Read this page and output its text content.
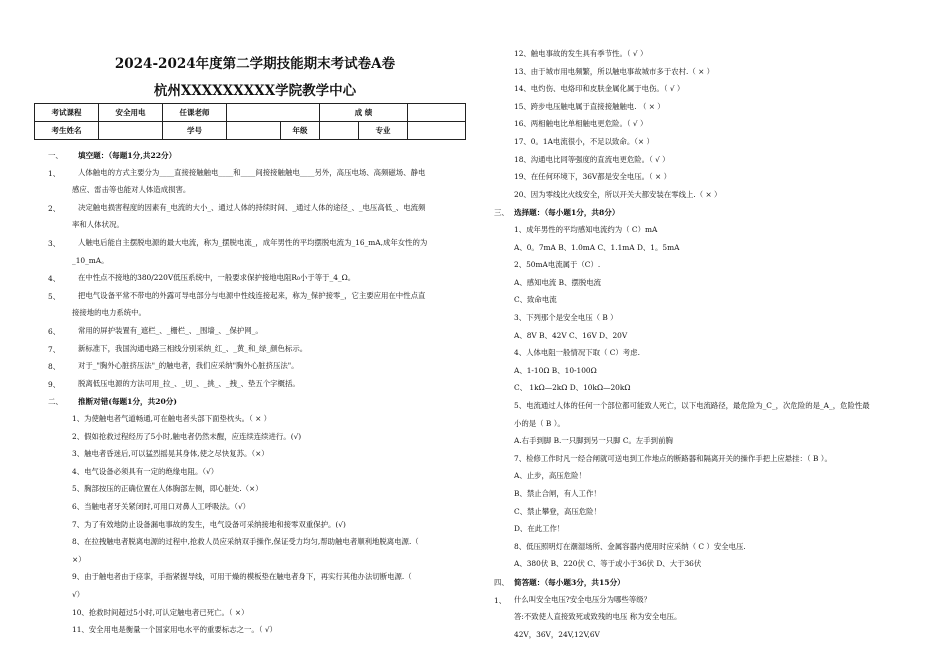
2024-2024年度第二学期技能期末考试卷A卷
杭州XXXXXXXXX学院教学中心
考试课程	安全用电	任课老师			成 绩		
考生姓名		学号		年级		专业	
一、 填空题：（每题1分,共22分）
1、 人体触电的方式主要分为____直接接触触电____和____间接接触触电____另外，高压电场、高频磁场、静电
感应、雷击等也能对人体造成损害。
2、 决定触电损害程度的因素有_电流的大小_、通过人体的持续时间、_通过人体的途径_、_电压高低_、电流频
率和人体状况。
3、 人触电后能自主摆脱电源的最大电流，称为_摆脱电流_，成年男性的平均摆脱电流为_16_mA,成年女性的为
_10_mA。
4、 在中性点不接地的380/220V低压系统中，一般要求保护接地电阻R₀小于等于_4_Ω。
5、 把电气设备平常不带电的外露可导电部分与电源中性线连接起来，称为_保护接零_，它主要应用在中性点直
接接地的电力系统中。
6、 常用的屏护装置有_遮栏_、_栅栏_、_围墙_、_保护网_。
7、 新标准下，我国沟通电路三相线分别采纳_红_、_黄_和_绿_颜色标示。
8、 对于_"胸外心脏挤压法"_的触电者，我们应采纳"胸外心脏挤压法"。
9、 脱离低压电源的方法可用_拉_、_切_、_挑_、_拽_、垫五个字概括。
二、 推断对错(每题1分，共20分)
1、为使触电者气道畅通,可在触电者头部下面垫枕头。（ × ）
2、假如抢救过程经历了5小时,触电者仍然未醒，应连续连续进行。(√)
3、触电者昏迷后,可以猛烈摇晃其身体,使之尽快复苏。（×）
4、电气设备必须具有一定的绝缘电阻。（√）
5、胸部按压的正确位置在人体胸部左侧，即心脏处.（×）
6、当触电者牙关紧闭时,可用口对鼻人工呼吸法。（√）
7、为了有效地防止设备漏电事故的发生，电气设备可采纳接地和接零双重保护。(√)
8、在拉拽触电者脱离电源的过程中,抢救人员应采纳双手操作,保证受力均匀,帮助触电者顺利地脱离电源.（
×）
9、由于触电者由于痉挛，手指紧握导线，可用干燥的模板垫在触电者身下，再实行其他办法切断电源.（
√）
10、抢救时间超过5小时,可认定触电者已死亡。（ ×）
11、安全用电是衡量一个国家用电水平的重要标志之一。（ √）
12、触电事故的发生具有季节性。（ √ ）
13、由于城市用电频繁，所以触电事故城市多于农村.（ × ）
14、电灼伤、电烙印和皮肤金属化属于电伤。（ √ ）
15、跨步电压触电属于直接接触触电. （ × ）
16、两相触电比单相触电更危险。（ √ ）
17、0。1A电流很小，不足以致命。（× ）
18、沟通电比同等强度的直流电更危险。（ √ ）
19、在任何环境下，36V都是安全电压。（ × ）
20、因为零线比火线安全，所以开关大都安装在零线上.（ × ）
三、 选择题：（每小题1分，共8分）
1、成年男性的平均感知电流约为（ C）mA
A、0。7mA B、1.0mA C、1.1mA D、1。5mA
2、50mA电流属于（C）.
A、感知电流 B、摆脱电流
C、致命电流
3、下列那个是安全电压（ B ）
A、8V B、42V C、16V D、20V
4、人体电阻一般情况下取（ C）考虑.
A、1-10Ω B、10-100Ω
C、 1kΩ—2kΩ D、10kΩ—20kΩ
5、电流通过人体的任何一个部位都可能致人死亡，以下电流路径，最危险为_C_，次危险的是_A_，危险性最
小的是（ B ）。
A.右手到脚 B.一只脚到另一只脚 C。左手到前胸
7、检修工作时凡一经合闸就可送电到工作地点的断路器和隔离开关的操作手把上应悬挂：（ B ）。
A、止步，高压危险！
B、禁止合闸，有人工作！
C、禁止攀登，高压危险！
D、在此工作！
8、低压照明灯在潮湿场所、金属容器内使用时应采纳（ C ）安全电压.
A、380伏 B、220伏 C、等于或小于36伏 D、大于36伏
四、 简答题：（每小题3分，共15分）
1、 什么叫安全电压?安全电压分为哪些等级？
答:不致使人直接致死或致残的电压 称为安全电压。
42V，36V，24V,12V,6V
